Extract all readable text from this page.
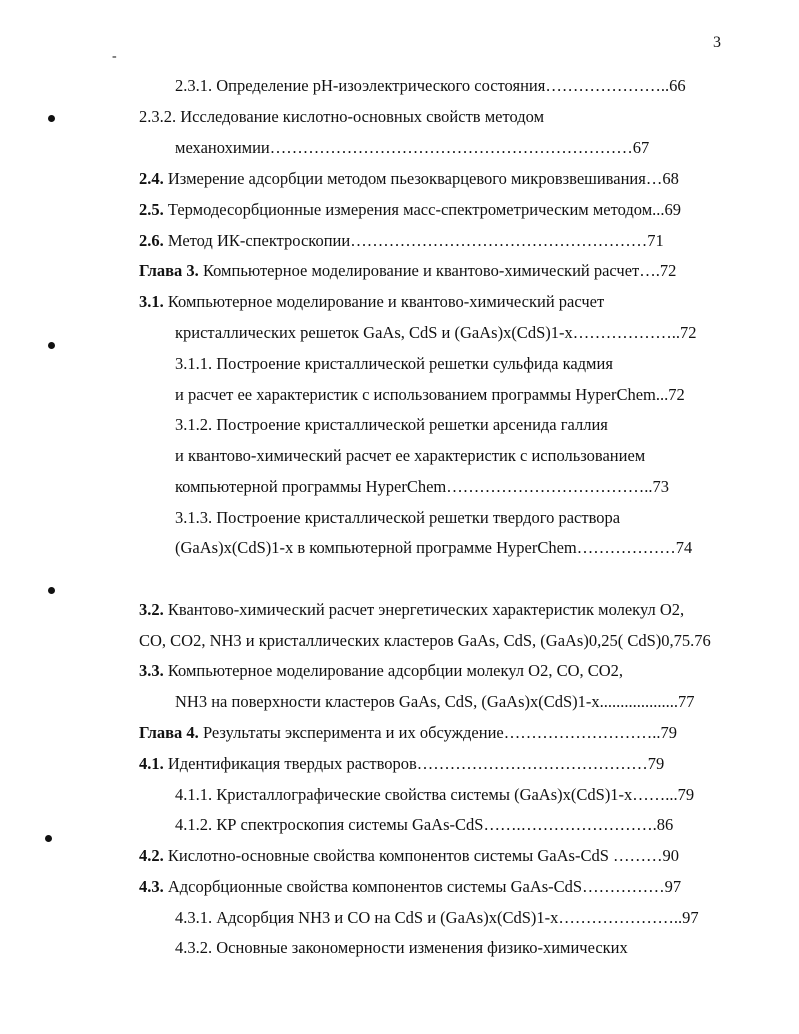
3
-
2.3.1. Определение pH-изоэлектрического состояния…………………..66
2.3.2. Исследование кислотно-основных свойств методом
механохимии…………………………………………………………67
2.4. Измерение адсорбции методом пьезокварцевого микровзвешивания…68
2.5. Термодесорбционные измерения масс-спектрометрическим методом...69
2.6. Метод ИК-спектроскопии………………………………………………71
Глава 3. Компьютерное моделирование и квантово-химический расчет….72
3.1. Компьютерное моделирование и квантово-химический расчет
кристаллических решеток GaAs, CdS и (GaAs)x(CdS)1-x………………..72
3.1.1. Построение кристаллической решетки сульфида кадмия
и расчет ее характеристик с использованием программы HyperChem...72
3.1.2. Построение кристаллической решетки арсенида галлия
и квантово-химический расчет ее характеристик с использованием
компьютерной программы HyperChem………………………………..73
3.1.3. Построение кристаллической решетки твердого раствора
(GaAs)x(CdS)1-x в компьютерной программе HyperChem………………74
3.2. Квантово-химический расчет энергетических характеристик молекул O2,
CO, CO2, NH3 и кристаллических кластеров GaAs, CdS, (GaAs)0,25( CdS)0,75.76
3.3. Компьютерное моделирование адсорбции молекул O2, CO, CO2,
NH3 на поверхности кластеров GaAs, CdS, (GaAs)x(CdS)1-x...................77
Глава 4. Результаты эксперимента и их обсуждение………………………..79
4.1. Идентификация твердых растворов……………………………………79
4.1.1. Кристаллографические свойства системы (GaAs)x(CdS)1-x……...79
4.1.2. КР спектроскопия системы GaAs-CdS…….…………………….86
4.2. Кислотно-основные свойства компонентов системы GaAs-CdS ………90
4.3. Адсорбционные свойства компонентов системы GaAs-CdS……………97
4.3.1. Адсорбция NH3 и CO на CdS и (GaAs)x(CdS)1-x…………………..97
4.3.2. Основные закономерности изменения физико-химических
